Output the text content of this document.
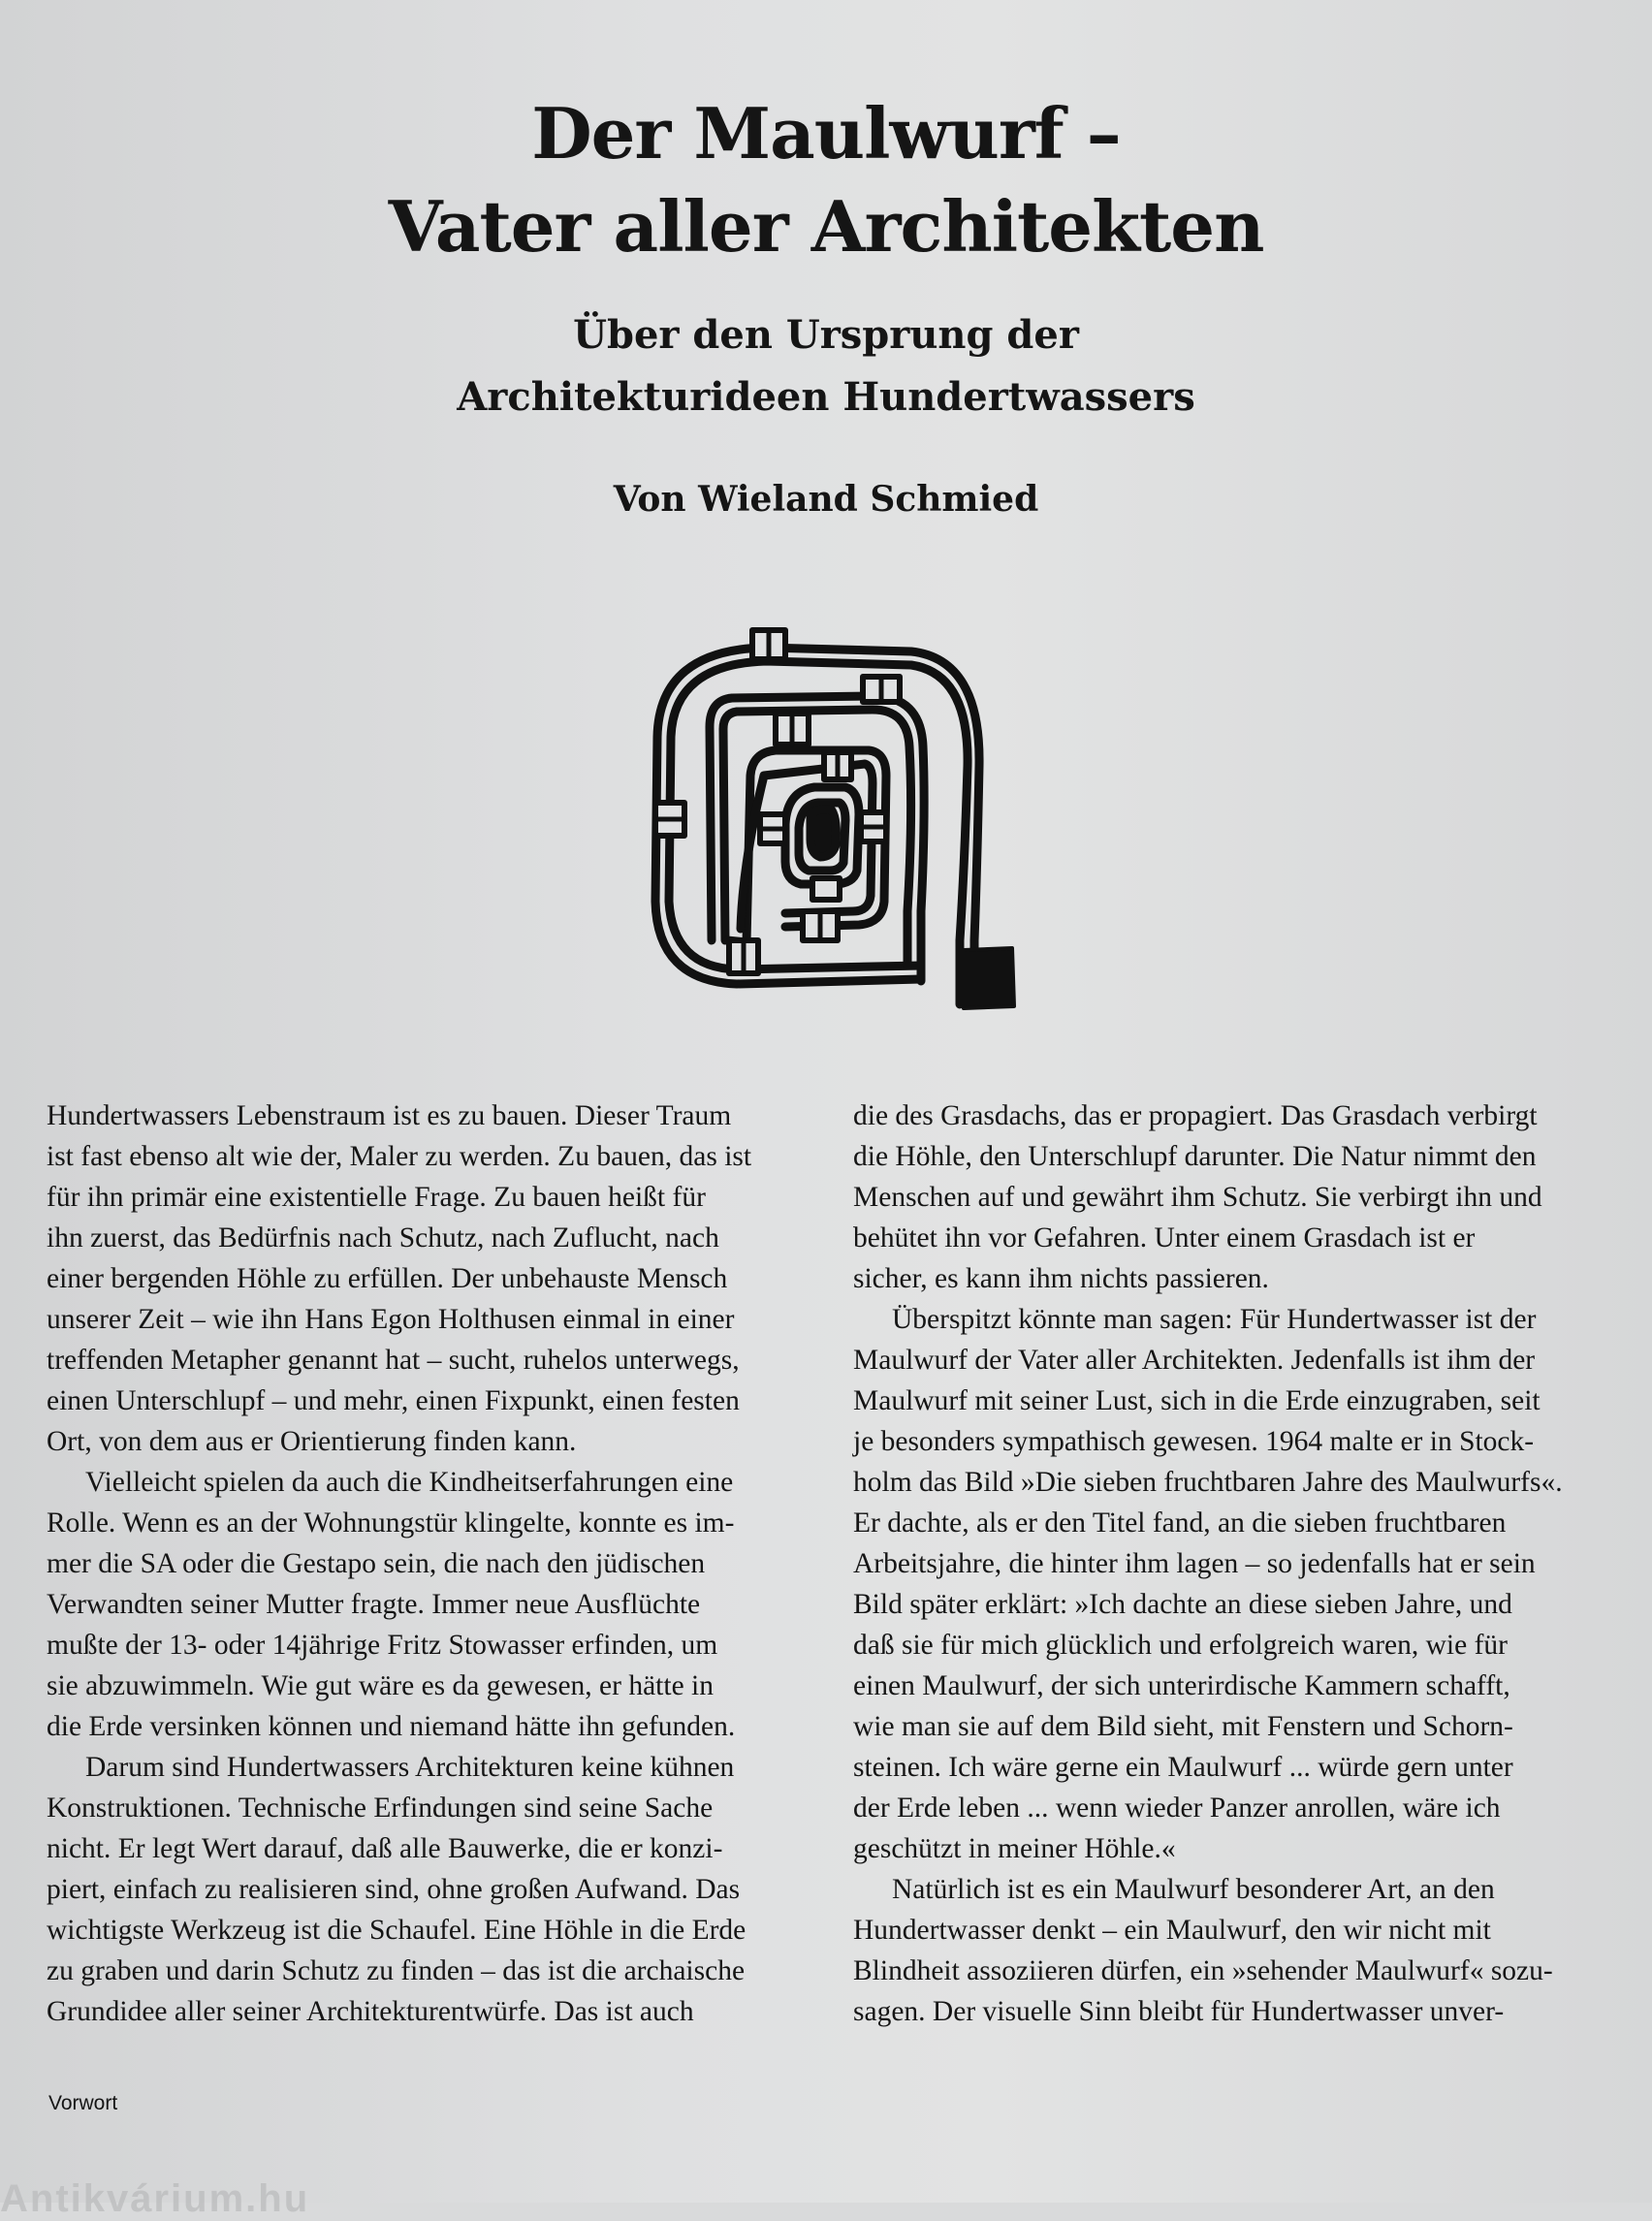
Der Maulwurf –
Vater aller Architekten
Über den Ursprung der
Architekturideen Hundertwassers
Von Wieland Schmied
Hundertwassers Lebenstraum ist es zu bauen. Dieser Traum
ist fast ebenso alt wie der, Maler zu werden. Zu bauen, das ist
für ihn primär eine existentielle Frage. Zu bauen heißt für
ihn zuerst, das Bedürfnis nach Schutz, nach Zuflucht, nach
einer bergenden Höhle zu erfüllen. Der unbehauste Mensch
unserer Zeit – wie ihn Hans Egon Holthusen einmal in einer
treffenden Metapher genannt hat – sucht, ruhelos unterwegs,
einen Unterschlupf – und mehr, einen Fixpunkt, einen festen
Ort, von dem aus er Orientierung finden kann.
Vielleicht spielen da auch die Kindheitserfahrungen eine
Rolle. Wenn es an der Wohnungstür klingelte, konnte es im-
mer die SA oder die Gestapo sein, die nach den jüdischen
Verwandten seiner Mutter fragte. Immer neue Ausflüchte
mußte der 13- oder 14jährige Fritz Stowasser erfinden, um
sie abzuwimmeln. Wie gut wäre es da gewesen, er hätte in
die Erde versinken können und niemand hätte ihn gefunden.
Darum sind Hundertwassers Architekturen keine kühnen
Konstruktionen. Technische Erfindungen sind seine Sache
nicht. Er legt Wert darauf, daß alle Bauwerke, die er konzi-
piert, einfach zu realisieren sind, ohne großen Aufwand. Das
wichtigste Werkzeug ist die Schaufel. Eine Höhle in die Erde
zu graben und darin Schutz zu finden – das ist die archaische
Grundidee aller seiner Architekturentwürfe. Das ist auch
die des Grasdachs, das er propagiert. Das Grasdach verbirgt
die Höhle, den Unterschlupf darunter. Die Natur nimmt den
Menschen auf und gewährt ihm Schutz. Sie verbirgt ihn und
behütet ihn vor Gefahren. Unter einem Grasdach ist er
sicher, es kann ihm nichts passieren.
Überspitzt könnte man sagen: Für Hundertwasser ist der
Maulwurf der Vater aller Architekten. Jedenfalls ist ihm der
Maulwurf mit seiner Lust, sich in die Erde einzugraben, seit
je besonders sympathisch gewesen. 1964 malte er in Stock-
holm das Bild »Die sieben fruchtbaren Jahre des Maulwurfs«.
Er dachte, als er den Titel fand, an die sieben fruchtbaren
Arbeitsjahre, die hinter ihm lagen – so jedenfalls hat er sein
Bild später erklärt: »Ich dachte an diese sieben Jahre, und
daß sie für mich glücklich und erfolgreich waren, wie für
einen Maulwurf, der sich unterirdische Kammern schafft,
wie man sie auf dem Bild sieht, mit Fenstern und Schorn-
steinen. Ich wäre gerne ein Maulwurf ... würde gern unter
der Erde leben ... wenn wieder Panzer anrollen, wäre ich
geschützt in meiner Höhle.«
Natürlich ist es ein Maulwurf besonderer Art, an den
Hundertwasser denkt – ein Maulwurf, den wir nicht mit
Blindheit assoziieren dürfen, ein »sehender Maulwurf« sozu-
sagen. Der visuelle Sinn bleibt für Hundertwasser unver-
Vorwort
Antikvárium.hu
